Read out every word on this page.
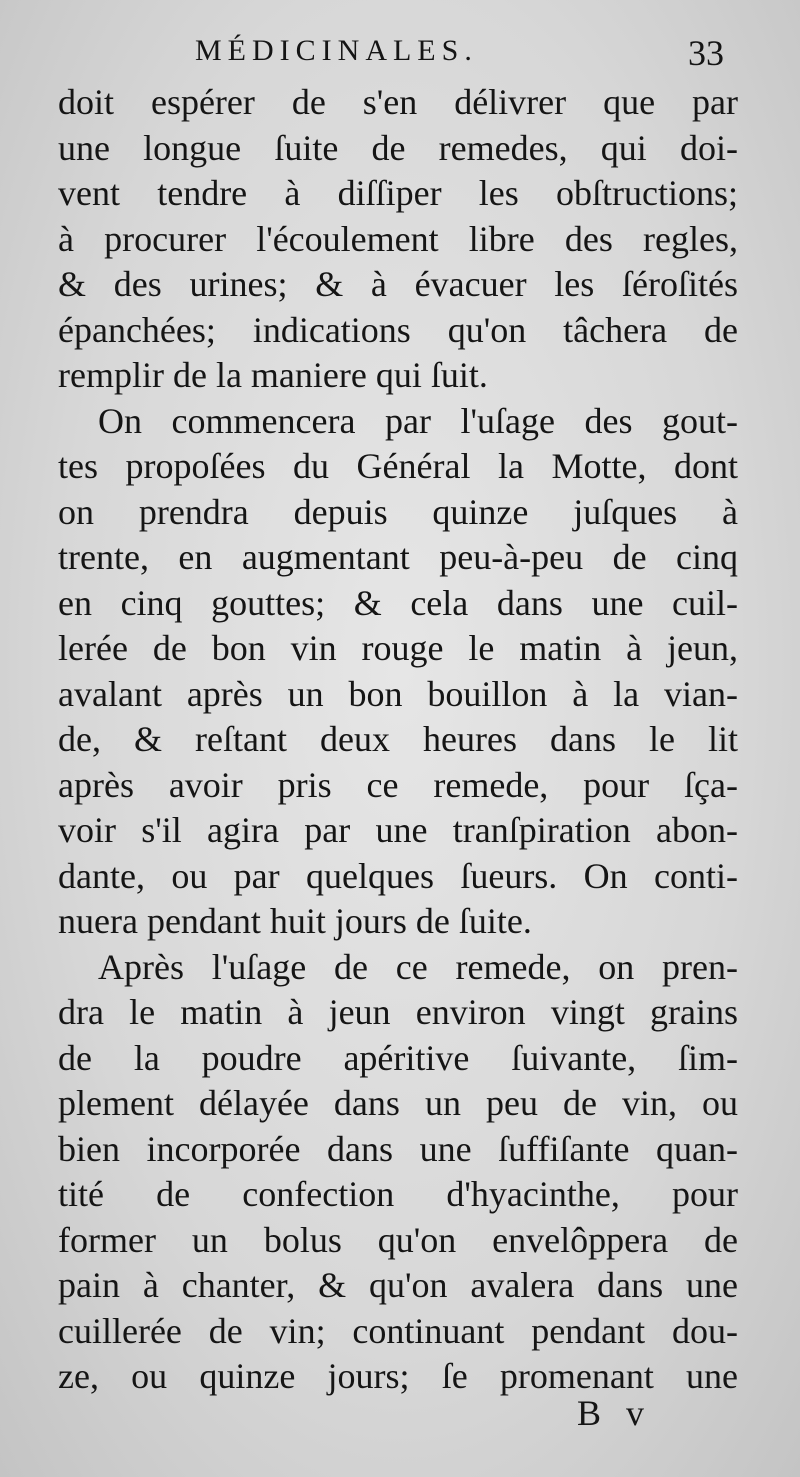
MÉDICINALES.	33
doit espérer de s'en délivrer que par
une longue ſuite de remedes, qui doi-
vent tendre à diſſiper les obſtructions;
à procurer l'écoulement libre des regles,
& des urines; & à évacuer les ſéroſités
épanchées; indications qu'on tâchera de
remplir de la maniere qui ſuit.
On commencera par l'uſage des gout-
tes propoſées du Général la Motte, dont
on prendra depuis quinze juſques à
trente, en augmentant peu-à-peu de cinq
en cinq gouttes; & cela dans une cuil-
lerée de bon vin rouge le matin à jeun,
avalant après un bon bouillon à la vian-
de, & reſtant deux heures dans le lit
après avoir pris ce remede, pour ſça-
voir s'il agira par une tranſpiration abon-
dante, ou par quelques ſueurs. On conti-
nuera pendant huit jours de ſuite.
Après l'uſage de ce remede, on pren-
dra le matin à jeun environ vingt grains
de la poudre apéritive ſuivante, ſim-
plement délayée dans un peu de vin, ou
bien incorporée dans une ſuffiſante quan-
tité de confection d'hyacinthe, pour
former un bolus qu'on envelôppera de
pain à chanter, & qu'on avalera dans une
cuillerée de vin; continuant pendant dou-
ze, ou quinze jours; ſe promenant une
B v
